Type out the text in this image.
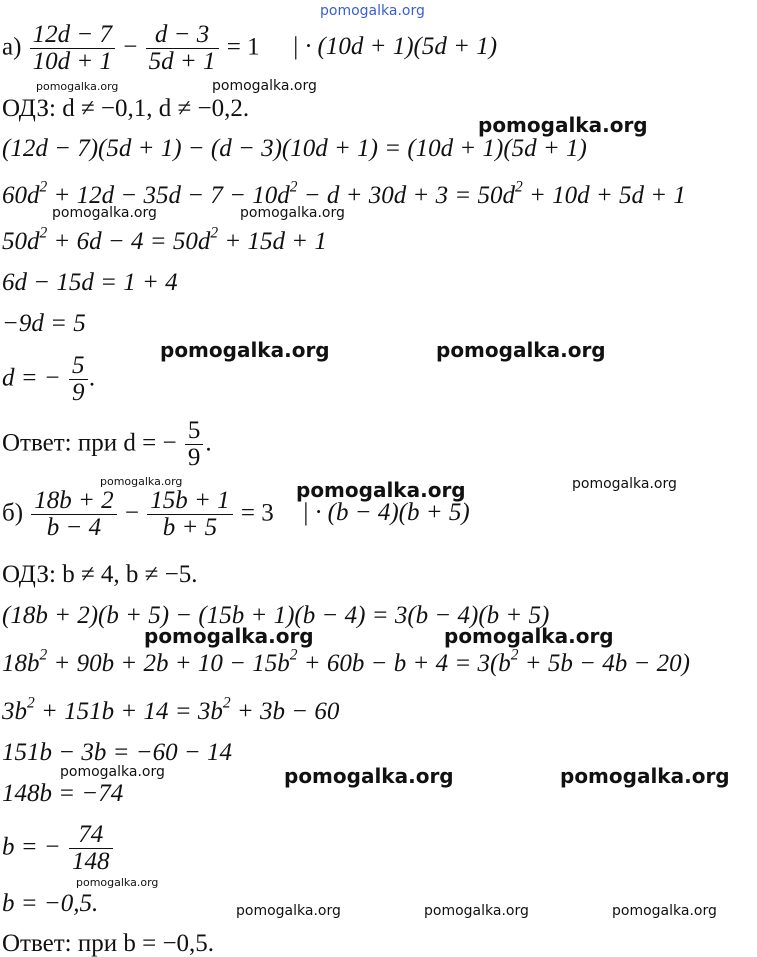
pomogalka.org
$а) \frac{12d - 7}{10d + 1} - \frac{d - 3}{5d + 1} = 1$ | · (10d + 1)(5d + 1)
ОДЗ: d ≠ −0,1, d ≠ −0,2.
(12d − 7)(5d + 1) − (d − 3)(10d + 1) = (10d + 1)(5d + 1)
$60d^2 + 12d - 35d - 7 - 10d^2 - d + 30d + 3 = 50d^2 + 10d + 5d + 1$
$50d^2 + 6d - 4 = 50d^2 + 15d + 1$
6d − 15d = 1 + 4
−9d = 5
d = − $\frac{5}{9}$ .
Ответ: при d = − $\frac{5}{9}$ .
$б) \frac{18b + 2}{b - 4} - \frac{15b + 1}{b + 5} = 3$ | · (b − 4)(b + 5)
ОДЗ: b ≠ 4, b ≠ −5.
(18b + 2)(b + 5) − (15b + 1)(b − 4) = 3(b − 4)(b + 5)
$18b^2 + 90b + 2b + 10 - 15b^2 + 60b - b + 4 = 3(b^2 + 5b - 4b - 20)$
$3b^2 + 151b + 14 = 3b^2 + 3b - 60$
151b − 3b = −60 − 14
148b = −74
b = − $\frac{74}{148}$
b = −0,5.
Ответ: при b = −0,5.
pomogalka.org	pomogalka.org
pomogalka.org
pomogalka.org	pomogalka.org
pomogalka.org	pomogalka.org
pomogalka.org	pomogalka.org	pomogalka.org
pomogalka.org	pomogalka.org
pomogalka.org	pomogalka.org	pomogalka.org
pomogalka.org
pomogalka.org	pomogalka.org	pomogalka.org
